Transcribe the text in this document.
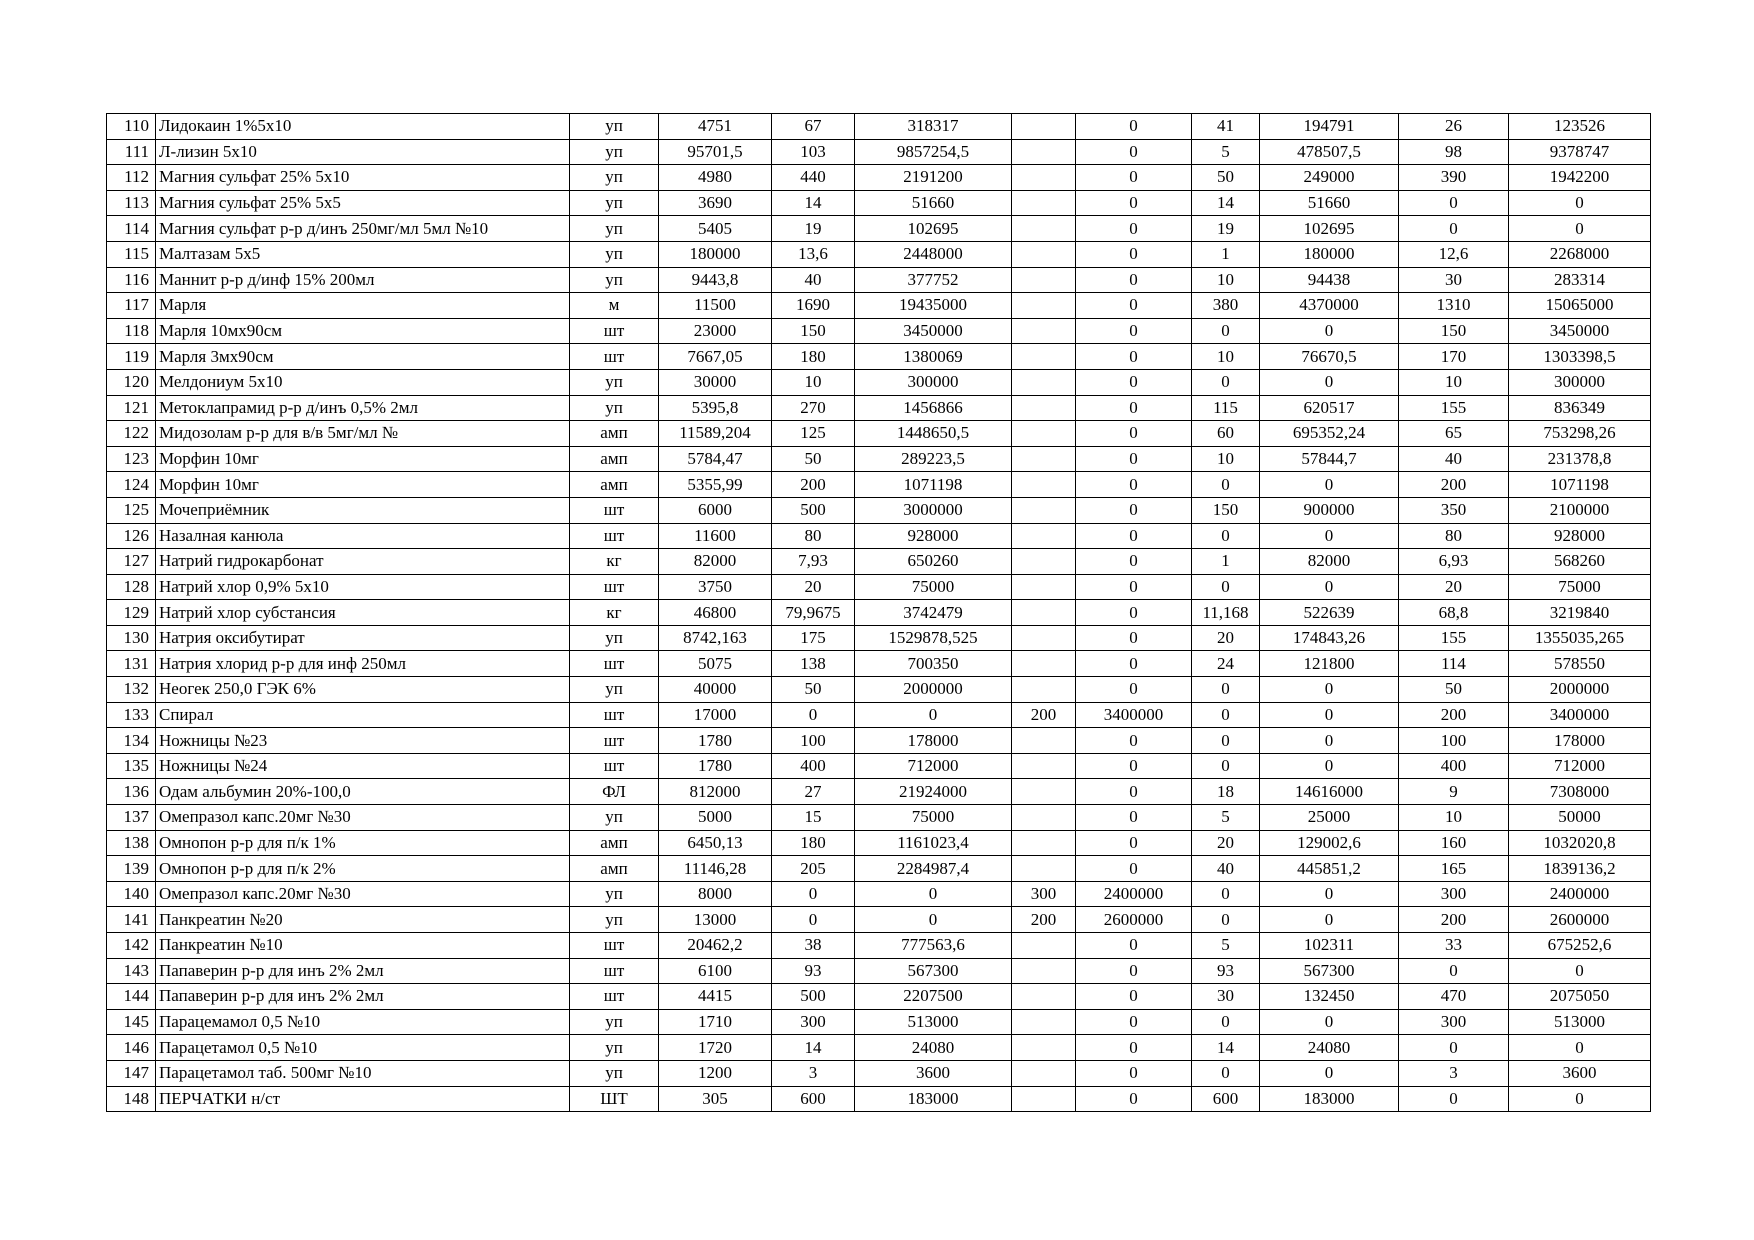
110	Лидокаин 1%5х10	уп	4751	67	318317		0	41	194791	26	123526
111	Л-лизин 5х10	уп	95701,5	103	9857254,5		0	5	478507,5	98	9378747
112	Магния сульфат 25% 5х10	уп	4980	440	2191200		0	50	249000	390	1942200
113	Магния сульфат 25% 5х5	уп	3690	14	51660		0	14	51660	0	0
114	Магния сульфат р-р д/инъ 250мг/мл 5мл №10	уп	5405	19	102695		0	19	102695	0	0
115	Малтазам 5х5	уп	180000	13,6	2448000		0	1	180000	12,6	2268000
116	Маннит р-р д/инф 15% 200мл	уп	9443,8	40	377752		0	10	94438	30	283314
117	Марля	м	11500	1690	19435000		0	380	4370000	1310	15065000
118	Марля 10мх90см	шт	23000	150	3450000		0	0	0	150	3450000
119	Марля 3мх90см	шт	7667,05	180	1380069		0	10	76670,5	170	1303398,5
120	Мелдониум 5х10	уп	30000	10	300000		0	0	0	10	300000
121	Метоклапрамид р-р д/инъ 0,5% 2мл	уп	5395,8	270	1456866		0	115	620517	155	836349
122	Мидозолам р-р для в/в 5мг/мл №	амп	11589,204	125	1448650,5		0	60	695352,24	65	753298,26
123	Морфин 10мг	амп	5784,47	50	289223,5		0	10	57844,7	40	231378,8
124	Морфин 10мг	амп	5355,99	200	1071198		0	0	0	200	1071198
125	Мочеприёмник	шт	6000	500	3000000		0	150	900000	350	2100000
126	Назалная канюла	шт	11600	80	928000		0	0	0	80	928000
127	Натрий гидрокарбонат	кг	82000	7,93	650260		0	1	82000	6,93	568260
128	Натрий хлор 0,9% 5х10	шт	3750	20	75000		0	0	0	20	75000
129	Натрий хлор субстансия	кг	46800	79,9675	3742479		0	11,168	522639	68,8	3219840
130	Натрия оксибутират	уп	8742,163	175	1529878,525		0	20	174843,26	155	1355035,265
131	Натрия хлорид р-р для инф 250мл	шт	5075	138	700350		0	24	121800	114	578550
132	Неогек 250,0 ГЭК 6%	уп	40000	50	2000000		0	0	0	50	2000000
133	Спирал	шт	17000	0	0	200	3400000	0	0	200	3400000
134	Ножницы №23	шт	1780	100	178000		0	0	0	100	178000
135	Ножницы №24	шт	1780	400	712000		0	0	0	400	712000
136	Одам альбумин 20%-100,0	ФЛ	812000	27	21924000		0	18	14616000	9	7308000
137	Омепразол капс.20мг №30	уп	5000	15	75000		0	5	25000	10	50000
138	Омнопон р-р для п/к 1%	амп	6450,13	180	1161023,4		0	20	129002,6	160	1032020,8
139	Омнопон р-р для п/к 2%	амп	11146,28	205	2284987,4		0	40	445851,2	165	1839136,2
140	Омепразол капс.20мг №30	уп	8000	0	0	300	2400000	0	0	300	2400000
141	Панкреатин №20	уп	13000	0	0	200	2600000	0	0	200	2600000
142	Панкреатин №10	шт	20462,2	38	777563,6		0	5	102311	33	675252,6
143	Папаверин р-р для инъ 2% 2мл	шт	6100	93	567300		0	93	567300	0	0
144	Папаверин р-р для инъ 2% 2мл	шт	4415	500	2207500		0	30	132450	470	2075050
145	Парацемамол 0,5 №10	уп	1710	300	513000		0	0	0	300	513000
146	Парацетамол 0,5 №10	уп	1720	14	24080		0	14	24080	0	0
147	Парацетамол таб. 500мг №10	уп	1200	3	3600		0	0	0	3	3600
148	ПЕРЧАТКИ н/ст	ШТ	305	600	183000		0	600	183000	0	0
